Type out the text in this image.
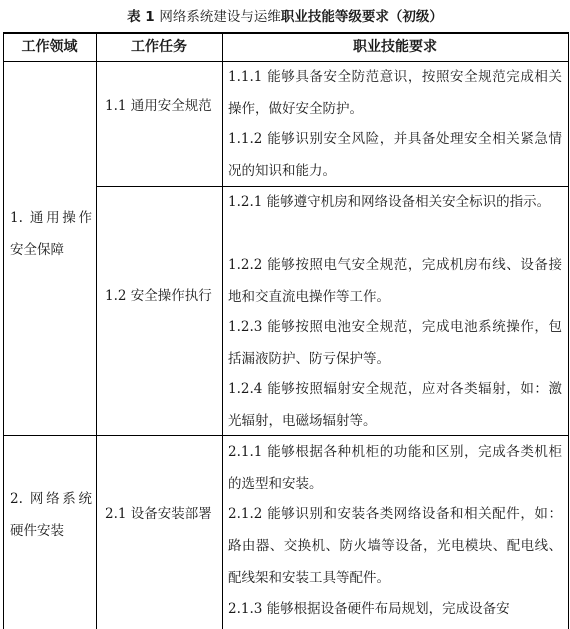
表 1 网络系统建设与运维职业技能等级要求（初级）
工作领域	工作任务	职业技能要求
1. 通用操作安全保障
1.1 通用安全规范
1.2 安全操作执行
1.1.1 能够具备安全防范意识，按照安全规范完成相关操作，做好安全防护。
1.1.2 能够识别安全风险，并具备处理安全相关紧急情况的知识和能力。
1.2.1 能够遵守机房和网络设备相关安全标识的指示。
1.2.2 能够按照电气安全规范，完成机房布线、设备接地和交直流电操作等工作。
1.2.3 能够按照电池安全规范，完成电池系统操作，包括漏液防护、防亏保护等。
1.2.4 能够按照辐射安全规范，应对各类辐射，如：激光辐射，电磁场辐射等。
2. 网络系统硬件安装
2.1 设备安装部署
2.1.1 能够根据各种机柜的功能和区别，完成各类机柜的选型和安装。
2.1.2 能够识别和安装各类网络设备和相关配件，如：路由器、交换机、防火墙等设备，光电模块、配电线、配线架和安装工具等配件。
2.1.3 能够根据设备硬件布局规划，完成设备安
